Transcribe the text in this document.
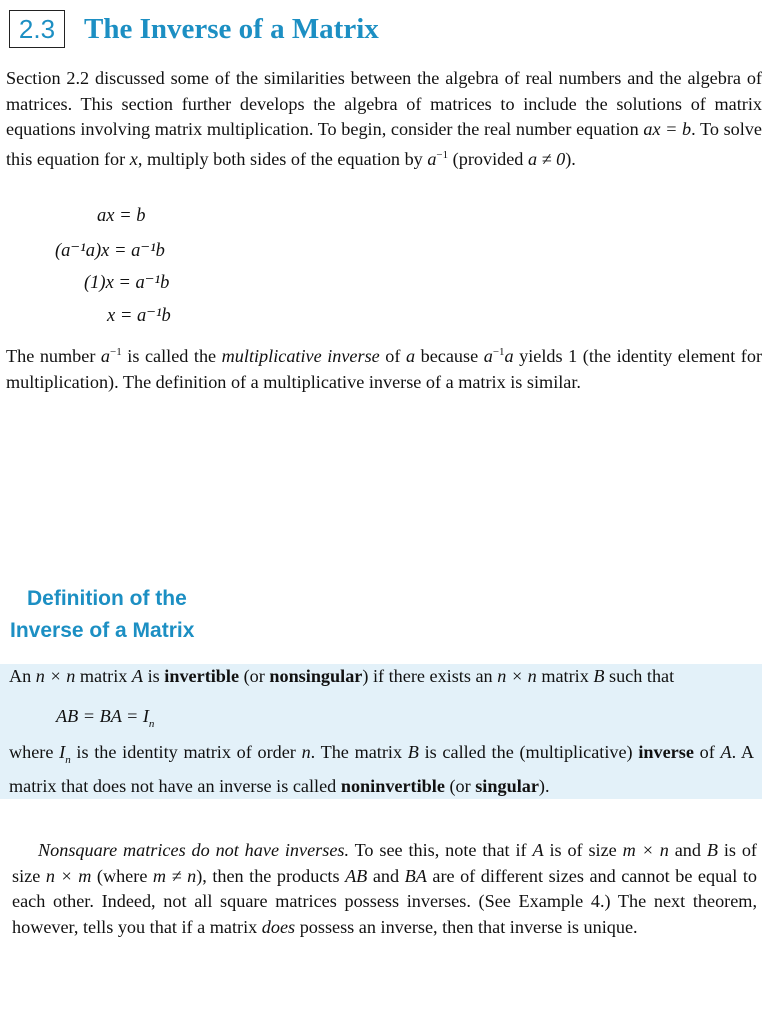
2.3 The Inverse of a Matrix

Section 2.2 discussed some of the similarities between the algebra of real numbers and the algebra of matrices. This section further develops the algebra of matrices to include the solutions of matrix equations involving matrix multiplication. To begin, consider the real number equation ax = b. To solve this equation for x, multiply both sides of the equation by $a^{-1}$ (provided a ≠ 0).

ax = b
(a⁻¹a)x = a⁻¹b
(1)x = a⁻¹b
x = a⁻¹b

The number $a^{-1}$ is called the multiplicative inverse of a because $a^{-1}a$ yields 1 (the identity element for multiplication). The definition of a multiplicative inverse of a matrix is similar.

Definition of the
Inverse of a Matrix
An n × n matrix A is invertible (or nonsingular) if there exists an n × n matrix B such that
AB = BA = $I_n$
where $I_n$ is the identity matrix of order n. The matrix B is called the (multiplicative) inverse of A. A matrix that does not have an inverse is called noninvertible (or singular).

Nonsquare matrices do not have inverses. To see this, note that if A is of size m × n and B is of size n × m (where m ≠ n), then the products AB and BA are of different sizes and cannot be equal to each other. Indeed, not all square matrices possess inverses. (See Example 4.) The next theorem, however, tells you that if a matrix does possess an inverse, then that inverse is unique.
